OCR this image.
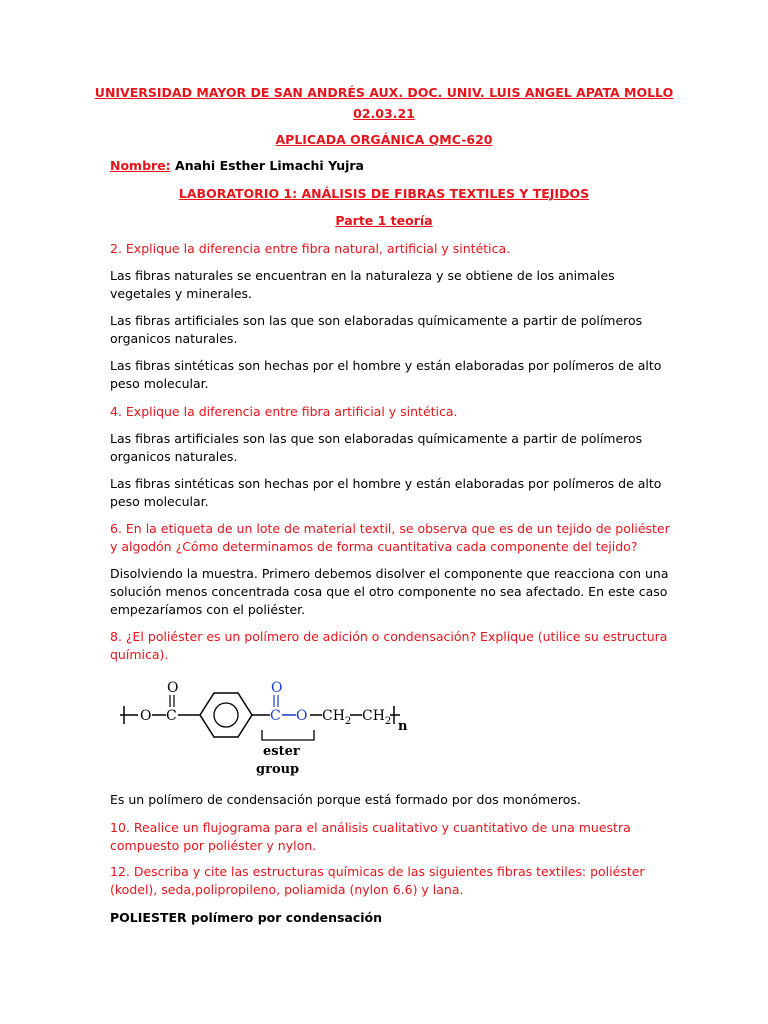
UNIVERSIDAD MAYOR DE SAN ANDRÉS AUX. DOC. UNIV. LUIS ANGEL APATA MOLLO
02.03.21
APLICADA ORGÁNICA QMC-620
Nombre: Anahi Esther Limachi Yujra
LABORATORIO 1: ANÁLISIS DE FIBRAS TEXTILES Y TEJIDOS
Parte 1 teoría
2. Explique la diferencia entre fibra natural, artificial y sintética.
Las fibras naturales se encuentran en la naturaleza y se obtiene de los animales vegetales y minerales.
Las fibras artificiales son las que son elaboradas químicamente a partir de polímeros organicos naturales.
Las fibras sintéticas son hechas por el hombre y están elaboradas por polímeros de alto peso molecular.
4. Explique la diferencia entre fibra artificial y sintética.
Las fibras artificiales son las que son elaboradas químicamente a partir de polímeros organicos naturales.
Las fibras sintéticas son hechas por el hombre y están elaboradas por polímeros de alto peso molecular.
6. En la etiqueta de un lote de material textil, se observa que es de un tejido de poliéster y algodón ¿Cómo determinamos de forma cuantitativa cada componente del tejido?
Disolviendo la muestra. Primero debemos disolver el componente que reacciona con una solución menos concentrada cosa que el otro componente no sea afectado. En este caso empezaríamos con el poliéster.
8. ¿El poliéster es un polímero de adición o condensación? Explique (utilice su estructura química).
O C
O
C
O
O $CH_2$ $CH_2$ n
ester
group
Es un polímero de condensación porque está formado por dos monómeros.
10. Realice un flujograma para el análisis cualitativo y cuantitativo de una muestra compuesto por poliéster y nylon.
12. Describa y cite las estructuras químicas de las siguientes fibras textiles: poliéster (kodel), seda,polipropileno, poliamida (nylon 6.6) y lana.
POLIESTER polímero por condensación
